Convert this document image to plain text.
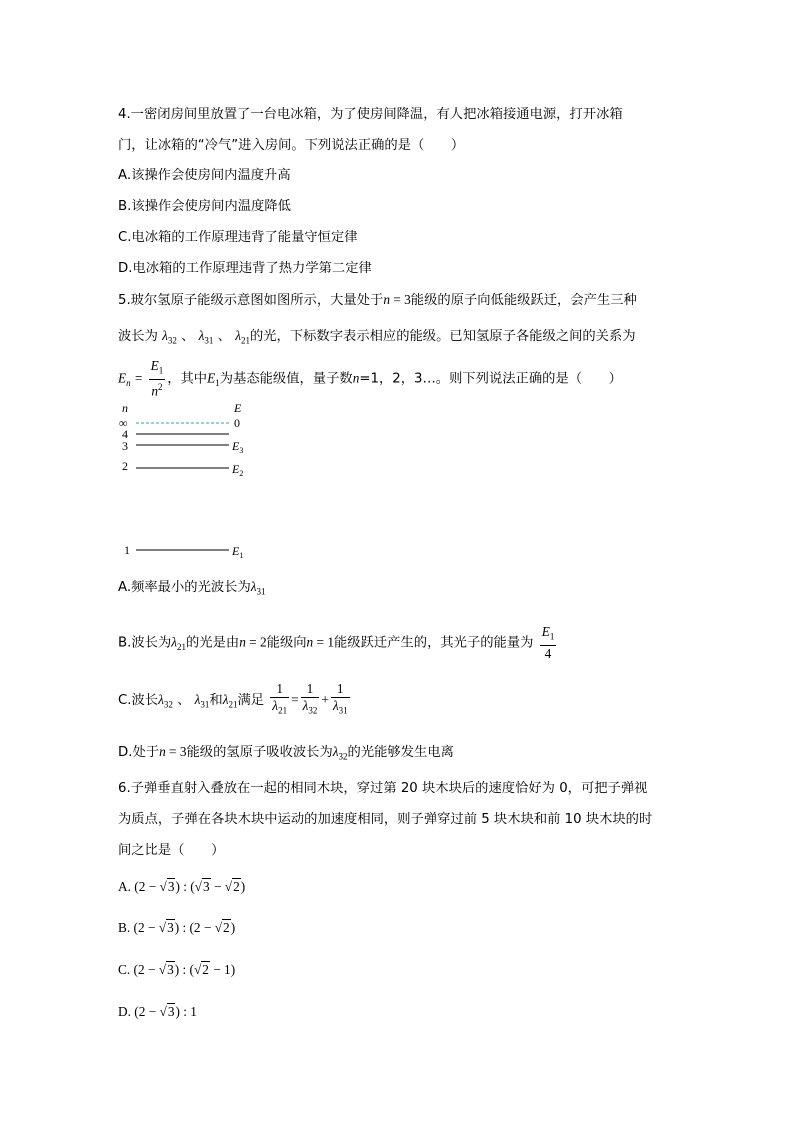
4.一密闭房间里放置了一台电冰箱，为了使房间降温，有人把冰箱接通电源，打开冰箱
门，让冰箱的“冷气”进入房间。下列说法正确的是（　　）
A.该操作会使房间内温度升高
B.该操作会使房间内温度降低
C.电冰箱的工作原理违背了能量守恒定律
D.电冰箱的工作原理违背了热力学第二定律
5.玻尔氢原子能级示意图如图所示，大量处于n = 3能级的原子向低能级跃迁，会产生三种
波长为 $\lambda_{32}$ 、 $\lambda_{31}$ 、 $\lambda_{21}$的光，下标数字表示相应的能级。已知氢原子各能级之间的关系为
$E_n = \frac{E_1}{n^2}$ ，其中$E_1$为基态能级值，量子数n=1，2，3…。则下列说法正确的是（　　）
n	E
∞	0
4
3	$E_3$
2	$E_2$
1	$E_1$
A.频率最小的光波长为$\lambda_{31}$
B.波长为$\lambda_{21}$的光是由n = 2能级向n = 1能级跃迁产生的，其光子的能量为 $\frac{E_1}{4}$
C.波长$\lambda_{32}$ 、 $\lambda_{31}$和$\lambda_{21}$满足 $\frac{1}{\lambda_{21}} = \frac{1}{\lambda_{32}} + \frac{1}{\lambda_{31}}$
D.处于n = 3能级的氢原子吸收波长为$\lambda_{32}$的光能够发生电离
6.子弹垂直射入叠放在一起的相同木块，穿过第 20 块木块后的速度恰好为 0，可把子弹视
为质点，子弹在各块木块中运动的加速度相同，则子弹穿过前 5 块木块和前 10 块木块的时
间之比是（　　）
A. (2 − √3) : (√3 − √2)
B. (2 − √3) : (2 − √2)
C. (2 − √3) : (√2 − 1)
D. (2 − √3) : 1
